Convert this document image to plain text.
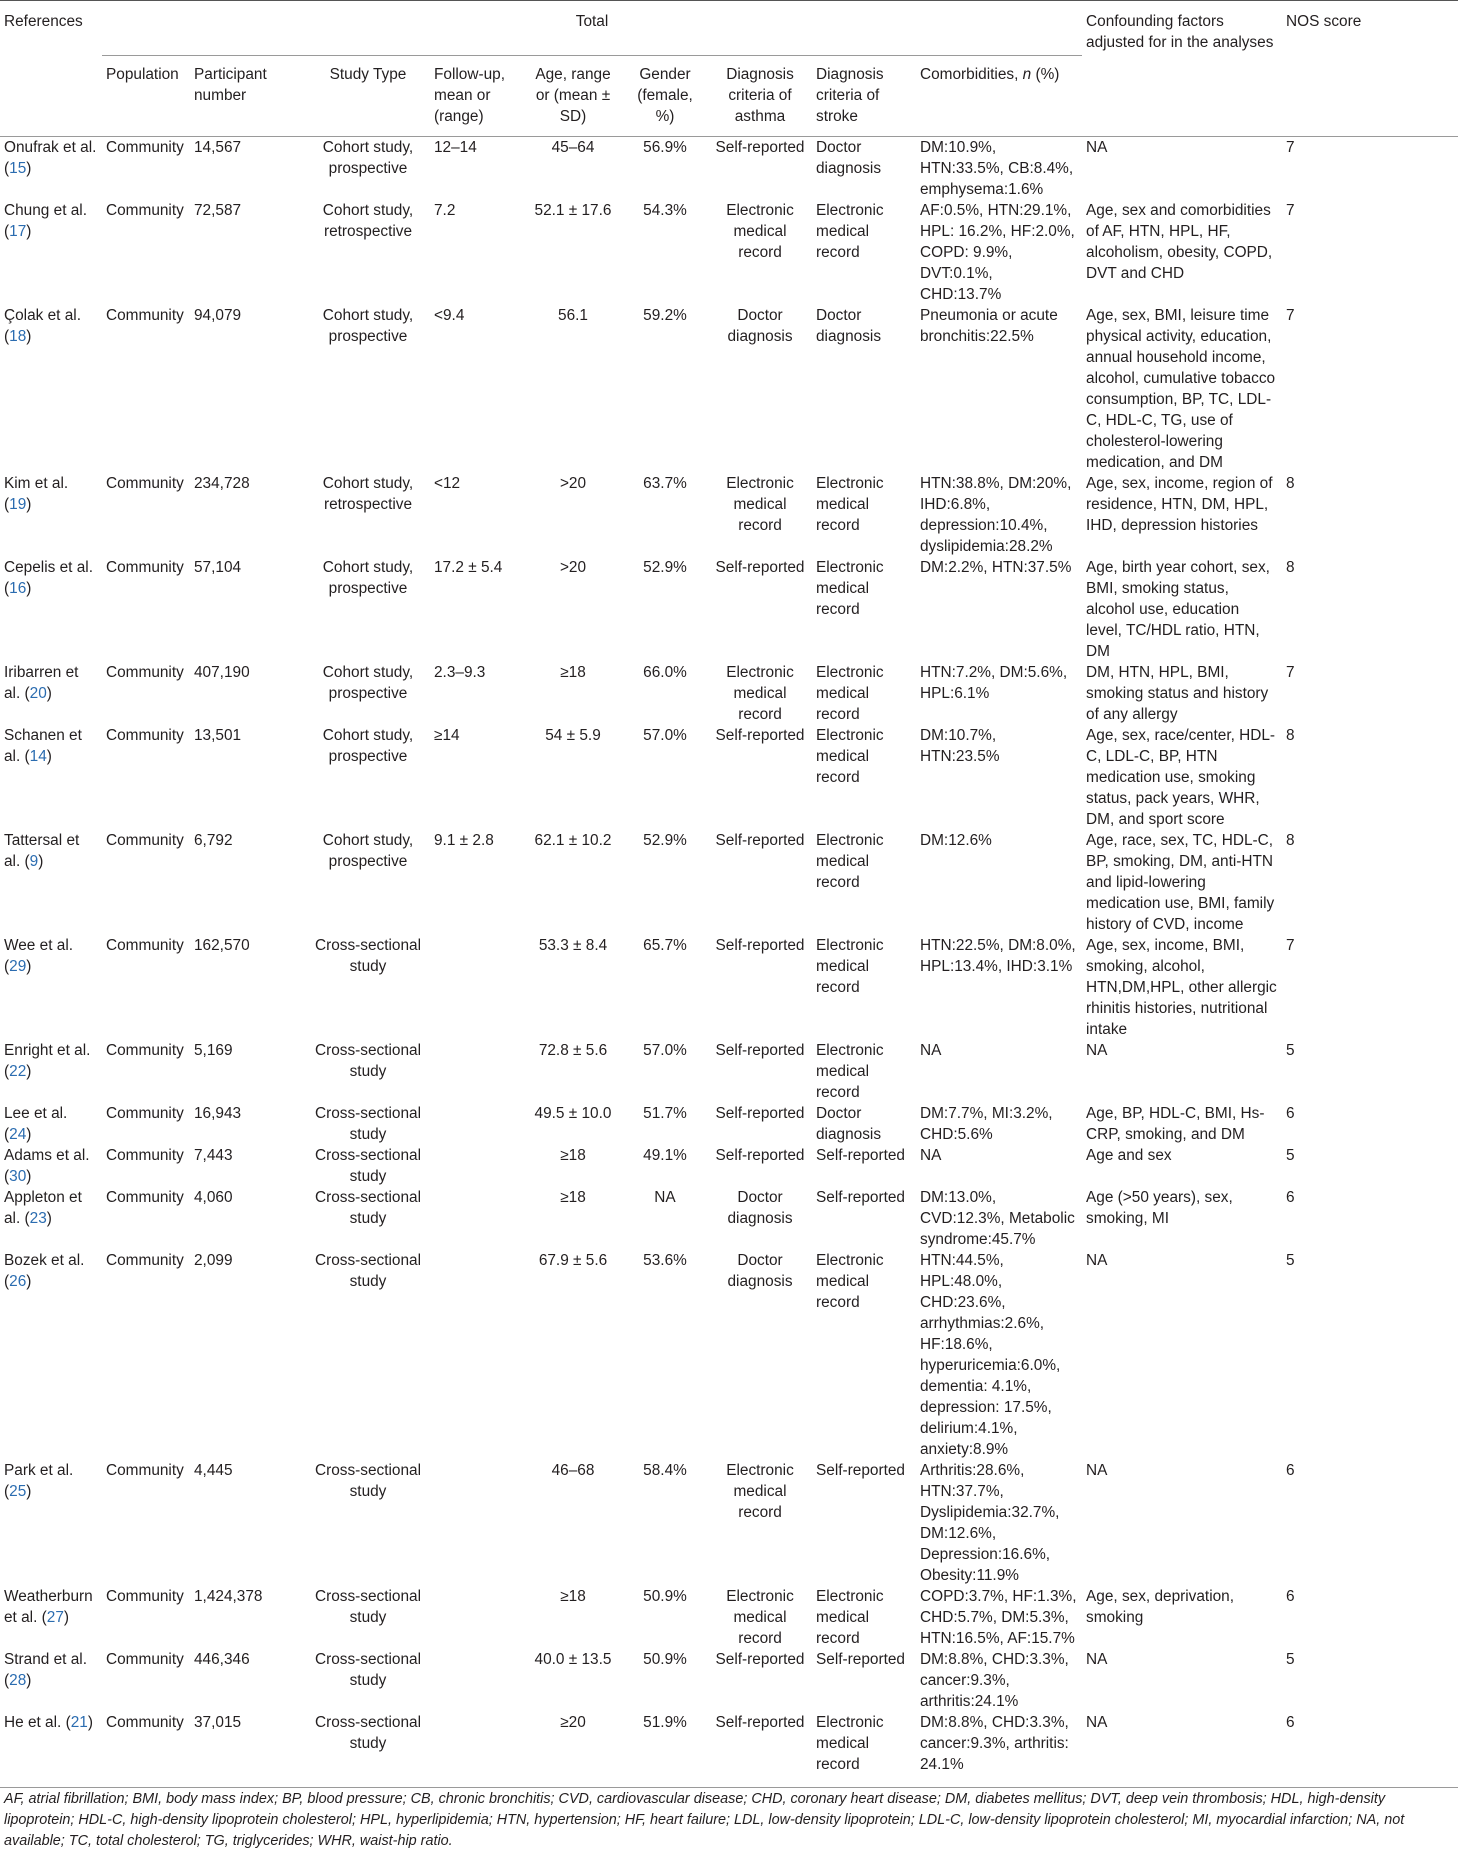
References	Total									Confounding factors adjusted for in the analyses	NOS score
	Population	Participant number	Study Type	Follow-up, mean or (range)	Age, range or (mean ± SD)	Gender (female, %)	Diagnosis criteria of asthma	Diagnosis criteria of stroke	Comorbidities, n (%)		
Onufrak et al. (15)	Community	14,567	Cohort study, prospective	12–14	45–64	56.9%	Self-reported	Doctor diagnosis	DM:10.9%, HTN:33.5%, CB:8.4%, emphysema:1.6%	NA	7
Chung et al. (17)	Community	72,587	Cohort study, retrospective	7.2	52.1 ± 17.6	54.3%	Electronic medical record	Electronic medical record	AF:0.5%, HTN:29.1%, HPL: 16.2%, HF:2.0%, COPD: 9.9%, DVT:0.1%, CHD:13.7%	Age, sex and comorbidities of AF, HTN, HPL, HF, alcoholism, obesity, COPD, DVT and CHD	7
Çolak et al. (18)	Community	94,079	Cohort study, prospective	<9.4	56.1	59.2%	Doctor diagnosis	Doctor diagnosis	Pneumonia or acute bronchitis:22.5%	Age, sex, BMI, leisure time physical activity, education, annual household income, alcohol, cumulative tobacco consumption, BP, TC, LDL-C, HDL-C, TG, use of cholesterol-lowering medication, and DM	7
Kim et al. (19)	Community	234,728	Cohort study, retrospective	<12	>20	63.7%	Electronic medical record	Electronic medical record	HTN:38.8%, DM:20%, IHD:6.8%, depression:10.4%, dyslipidemia:28.2%	Age, sex, income, region of residence, HTN, DM, HPL, IHD, depression histories	8
Cepelis et al. (16)	Community	57,104	Cohort study, prospective	17.2 ± 5.4	>20	52.9%	Self-reported	Electronic medical record	DM:2.2%, HTN:37.5%	Age, birth year cohort, sex, BMI, smoking status, alcohol use, education level, TC/HDL ratio, HTN, DM	8
Iribarren et al. (20)	Community	407,190	Cohort study, prospective	2.3–9.3	≥18	66.0%	Electronic medical record	Electronic medical record	HTN:7.2%, DM:5.6%, HPL:6.1%	DM, HTN, HPL, BMI, smoking status and history of any allergy	7
Schanen et al. (14)	Community	13,501	Cohort study, prospective	≥14	54 ± 5.9	57.0%	Self-reported	Electronic medical record	DM:10.7%, HTN:23.5%	Age, sex, race/center, HDL-C, LDL-C, BP, HTN medication use, smoking status, pack years, WHR, DM, and sport score	8
Tattersal et al. (9)	Community	6,792	Cohort study, prospective	9.1 ± 2.8	62.1 ± 10.2	52.9%	Self-reported	Electronic medical record	DM:12.6%	Age, race, sex, TC, HDL-C, BP, smoking, DM, anti-HTN and lipid-lowering medication use, BMI, family history of CVD, income	8
Wee et al. (29)	Community	162,570	Cross-sectional study		53.3 ± 8.4	65.7%	Self-reported	Electronic medical record	HTN:22.5%, DM:8.0%, HPL:13.4%, IHD:3.1%	Age, sex, income, BMI, smoking, alcohol, HTN,DM,HPL, other allergic rhinitis histories, nutritional intake	7
Enright et al. (22)	Community	5,169	Cross-sectional study		72.8 ± 5.6	57.0%	Self-reported	Electronic medical record	NA	NA	5
Lee et al. (24)	Community	16,943	Cross-sectional study		49.5 ± 10.0	51.7%	Self-reported	Doctor diagnosis	DM:7.7%, MI:3.2%, CHD:5.6%	Age, BP, HDL-C, BMI, Hs-CRP, smoking, and DM	6
Adams et al. (30)	Community	7,443	Cross-sectional study		≥18	49.1%	Self-reported	Self-reported	NA	Age and sex	5
Appleton et al. (23)	Community	4,060	Cross-sectional study		≥18	NA	Doctor diagnosis	Self-reported	DM:13.0%, CVD:12.3%, Metabolic syndrome:45.7%	Age (>50 years), sex, smoking, MI	6
Bozek et al. (26)	Community	2,099	Cross-sectional study		67.9 ± 5.6	53.6%	Doctor diagnosis	Electronic medical record	HTN:44.5%, HPL:48.0%, CHD:23.6%, arrhythmias:2.6%, HF:18.6%, hyperuricemia:6.0%, dementia: 4.1%, depression: 17.5%, delirium:4.1%, anxiety:8.9%	NA	5
Park et al. (25)	Community	4,445	Cross-sectional study		46–68	58.4%	Electronic medical record	Self-reported	Arthritis:28.6%, HTN:37.7%, Dyslipidemia:32.7%, DM:12.6%, Depression:16.6%, Obesity:11.9%	NA	6
Weatherburn et al. (27)	Community	1,424,378	Cross-sectional study		≥18	50.9%	Electronic medical record	Electronic medical record	COPD:3.7%, HF:1.3%, CHD:5.7%, DM:5.3%, HTN:16.5%, AF:15.7%	Age, sex, deprivation, smoking	6
Strand et al. (28)	Community	446,346	Cross-sectional study		40.0 ± 13.5	50.9%	Self-reported	Self-reported	DM:8.8%, CHD:3.3%, cancer:9.3%, arthritis:24.1%	NA	5
He et al. (21)	Community	37,015	Cross-sectional study		≥20	51.9%	Self-reported	Electronic medical record	DM:8.8%, CHD:3.3%, cancer:9.3%, arthritis: 24.1%	NA	6
AF, atrial fibrillation; BMI, body mass index; BP, blood pressure; CB, chronic bronchitis; CVD, cardiovascular disease; CHD, coronary heart disease; DM, diabetes mellitus; DVT, deep vein thrombosis; HDL, high-density lipoprotein; HDL-C, high-density lipoprotein cholesterol; HPL, hyperlipidemia; HTN, hypertension; HF, heart failure; LDL, low-density lipoprotein; LDL-C, low-density lipoprotein cholesterol; MI, myocardial infarction; NA, not available; TC, total cholesterol; TG, triglycerides; WHR, waist-hip ratio.
